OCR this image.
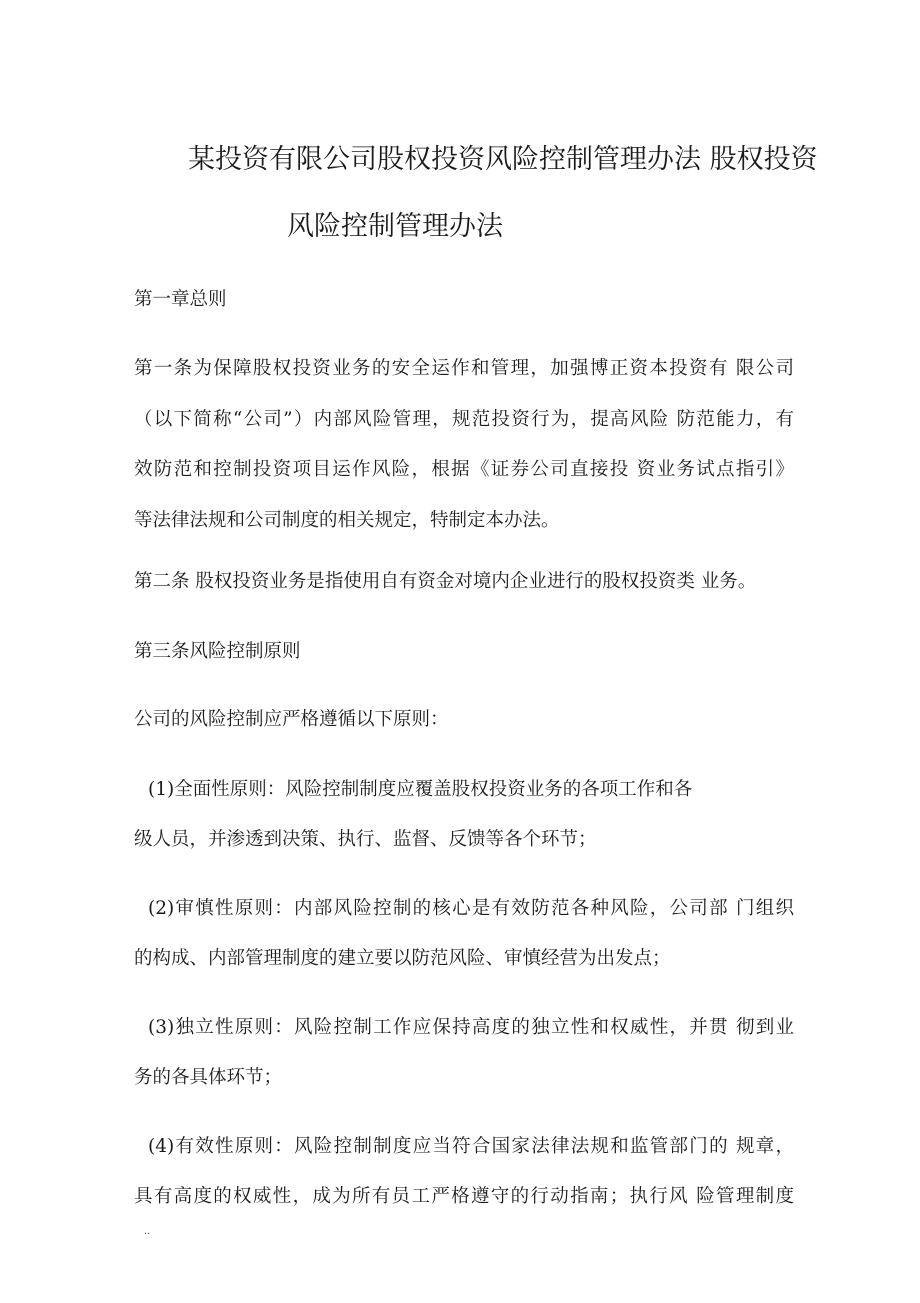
某投资有限公司股权投资风险控制管理办法 股权投资
风险控制管理办法
第一章总则
第一条为保障股权投资业务的安全运作和管理，加强博正资本投资有 限公司
（以下简称“公司”）内部风险管理，规范投资行为，提高风险 防范能力，有
效防范和控制投资项目运作风险，根据《证券公司直接投 资业务试点指引》
等法律法规和公司制度的相关规定，特制定本办法。
第二条 股权投资业务是指使用自有资金对境内企业进行的股权投资类 业务。
第三条风险控制原则
公司的风险控制应严格遵循以下原则：
(1)全面性原则：风险控制制度应覆盖股权投资业务的各项工作和各
级人员，并渗透到决策、执行、监督、反馈等各个环节；
(2)审慎性原则：内部风险控制的核心是有效防范各种风险，公司部 门组织
的构成、内部管理制度的建立要以防范风险、审慎经营为出发点；
(3)独立性原则：风险控制工作应保持高度的独立性和权威性，并贯 彻到业
务的各具体环节；
(4)有效性原则：风险控制制度应当符合国家法律法规和监管部门的 规章，
具有高度的权威性，成为所有员工严格遵守的行动指南；执行风 险管理制度
..
